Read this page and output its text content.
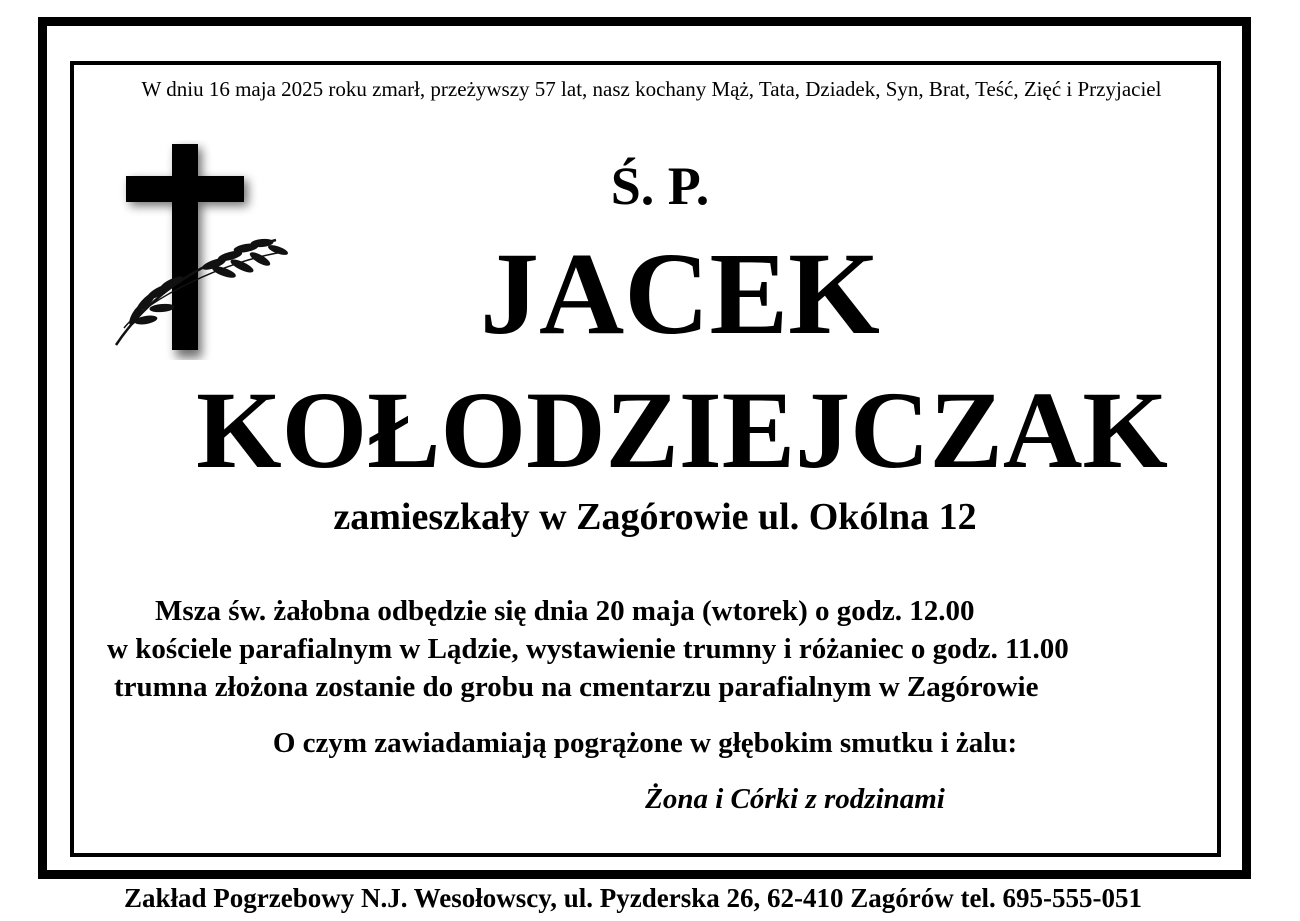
W dniu 16 maja 2025 roku zmarł, przeżywszy 57 lat, nasz kochany Mąż, Tata, Dziadek, Syn, Brat, Teść, Zięć i Przyjaciel
Ś. P.
JACEK
KOŁODZIEJCZAK
zamieszkały w Zagórowie ul. Okólna 12
Msza św. żałobna odbędzie się dnia 20 maja (wtorek) o godz. 12.00
w kościele parafialnym w Lądzie, wystawienie trumny i różaniec o godz. 11.00
trumna złożona zostanie do grobu na cmentarzu parafialnym w Zagórowie
O czym zawiadamiają pogrążone w głębokim smutku i żalu:
Żona i Córki z rodzinami
Zakład Pogrzebowy N.J. Wesołowscy, ul. Pyzderska 26, 62-410 Zagórów tel. 695-555-051
